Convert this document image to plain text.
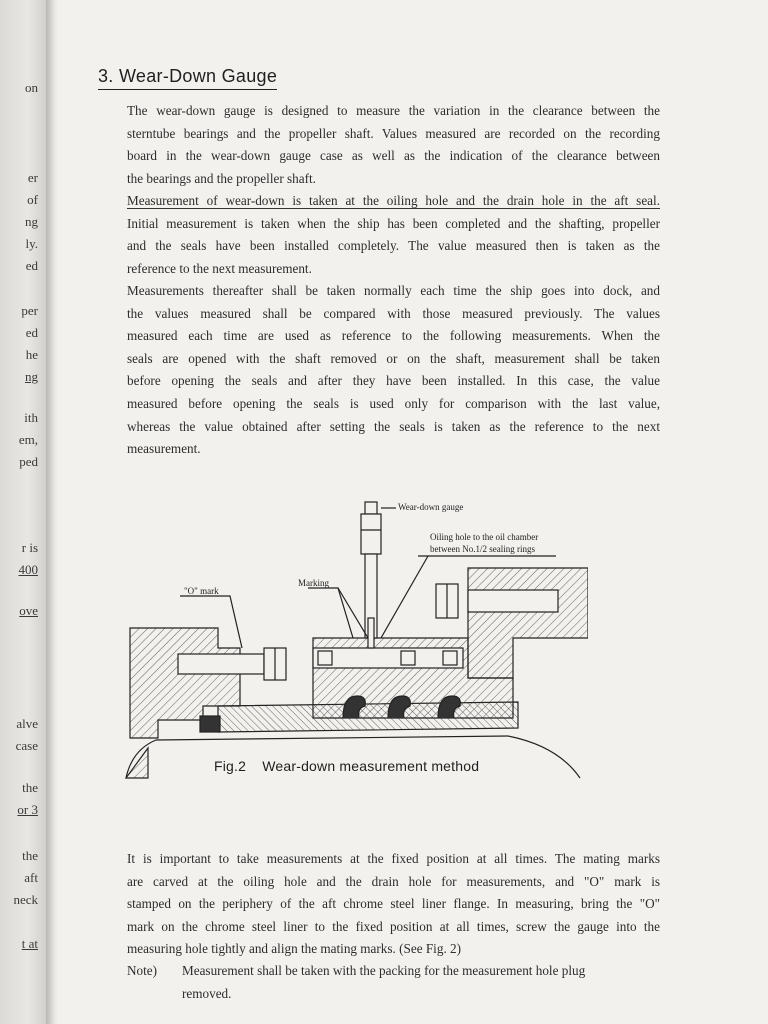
on
er
of
ng
ly.
ed
per
ed
he
ng
ith
em,
ped
r is
400
ove
alve
case
the
or 3
the
aft
neck
t at
3. Wear-Down Gauge
The wear-down gauge is designed to measure the variation in the clearance between the
sterntube bearings and the propeller shaft. Values measured are recorded on the recording
board in the wear-down gauge case as well as the indication of the clearance between
the bearings and the propeller shaft.
Measurement of wear-down is taken at the oiling hole and the drain hole in the aft seal.
Initial measurement is taken when the ship has been completed and the shafting, propeller
and the seals have been installed completely. The value measured then is taken as the
reference to the next measurement.
Measurements thereafter shall be taken normally each time the ship goes into dock, and
the values measured shall be compared with those measured previously. The values
measured each time are used as reference to the following measurements. When the
seals are opened with the shaft removed or on the shaft, measurement shall be taken
before opening the seals and after they have been installed. In this case, the value
measured before opening the seals is used only for comparison with the last value,
whereas the value obtained after setting the seals is taken as the reference to the next
measurement.
Wear-down gauge
Oiling hole to the oil chamber
between No.1/2 sealing rings
"O" mark
Marking
Fig.2 Wear-down measurement method
It is important to take measurements at the fixed position at all times. The mating marks
are carved at the oiling hole and the drain hole for measurements, and "O" mark is
stamped on the periphery of the aft chrome steel liner flange. In measuring, bring the "O"
mark on the chrome steel liner to the fixed position at all times, screw the gauge into the
measuring hole tightly and align the mating marks. (See Fig. 2)
Note) Measurement shall be taken with the packing for the measurement hole plug
removed.
